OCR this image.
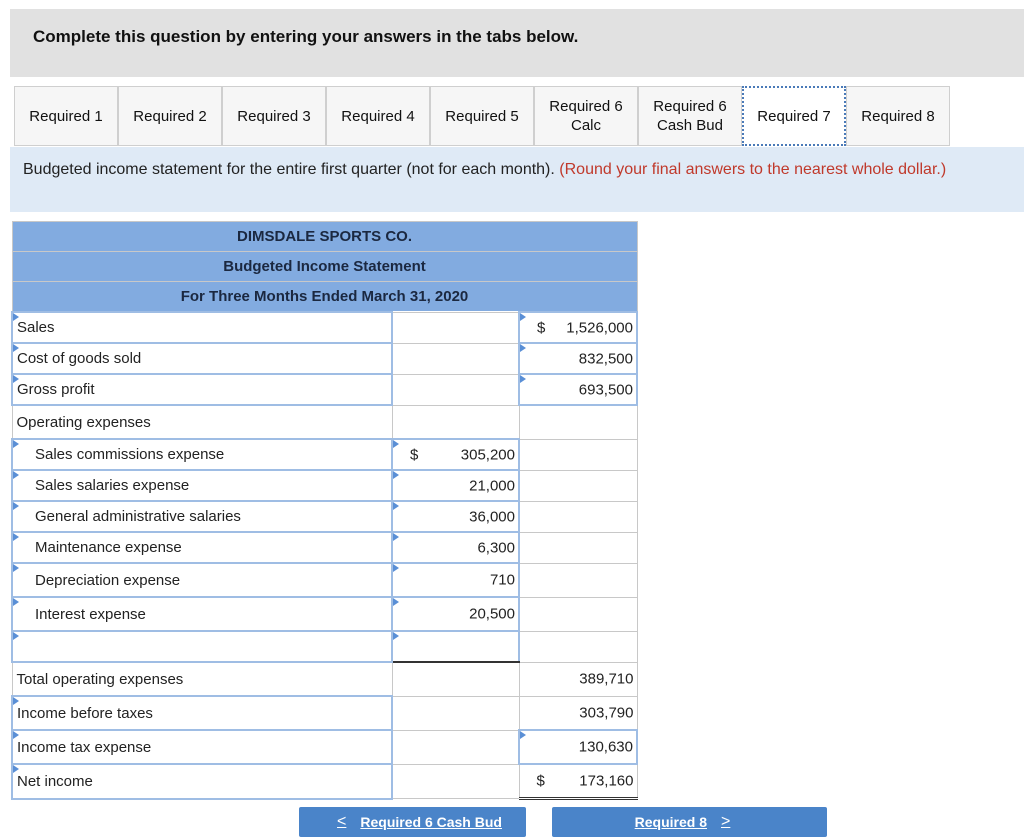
Complete this question by entering your answers in the tabs below.
Required 1	Required 2	Required 3	Required 4	Required 5
Required 6
Calc
Required 6
Cash Bud
Required 7	Required 8
Budgeted income statement for the entire first quarter (not for each month). (Round your final answers to the nearest whole dollar.)
DIMSDALE SPORTS CO.		
Budgeted Income Statement		
For Three Months Ended March 31, 2020		
Sales		$ 1,526,000

Cost of goods sold		832,500

Gross profit		693,500

Operating expenses		
Sales commissions expense	$ 305,200	

Sales salaries expense	21,000	

General administrative salaries	36,000	

Maintenance expense	6,300	

Depreciation expense	710	

Interest expense	20,500	

Total operating expenses		389,710

Income before taxes		303,790

Income tax expense		130,630

Net income		$ 173,160
< Required 6 Cash Bud	Required 8 >
